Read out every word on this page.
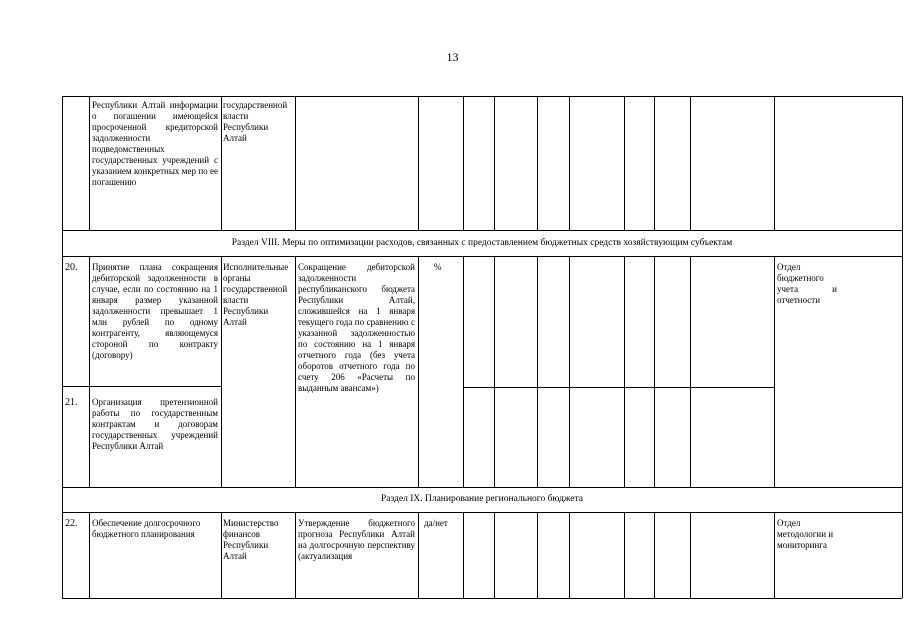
13
Республики Алтай информации о погашении имеющейся просроченной кредиторской задолженности подведомственных государственных учреждений с указанием конкретных мер по ее погашению
государственной власти Республики Алтай
Раздел VIII. Меры по оптимизации расходов, связанных с предоставлением бюджетных средств хозяйствующим субъектам
20. Принятие плана сокращения дебиторской задолженности в случае, если по состоянию на 1 января размер указанной задолженности превышает 1 млн рублей по одному контрагенту, являющемуся стороной по контракту (договору)
Исполнительные органы государственной власти Республики Алтай
Сокращение дебиторской задолженности республиканского бюджета Республики Алтай, сложившейся на 1 января текущего года по сравнению с указанной задолженностью по состоянию на 1 января отчетного года (без учета оборотов отчетного года по счету 206 «Расчеты по выданным авансам»)
%	Отдел бюджетного учета и отчетности
21. Организация претензионной работы по государственным контрактам и договорам государственных учреждений Республики Алтай
Раздел IX. Планирование регионального бюджета
22. Обеспечение долгосрочного бюджетного планирования
Министерство финансов Республики Алтай
Утверждение бюджетного прогноза Республики Алтай на долгосрочную перспективу (актуализация
да/нет	Отдел методологии и мониторинга
